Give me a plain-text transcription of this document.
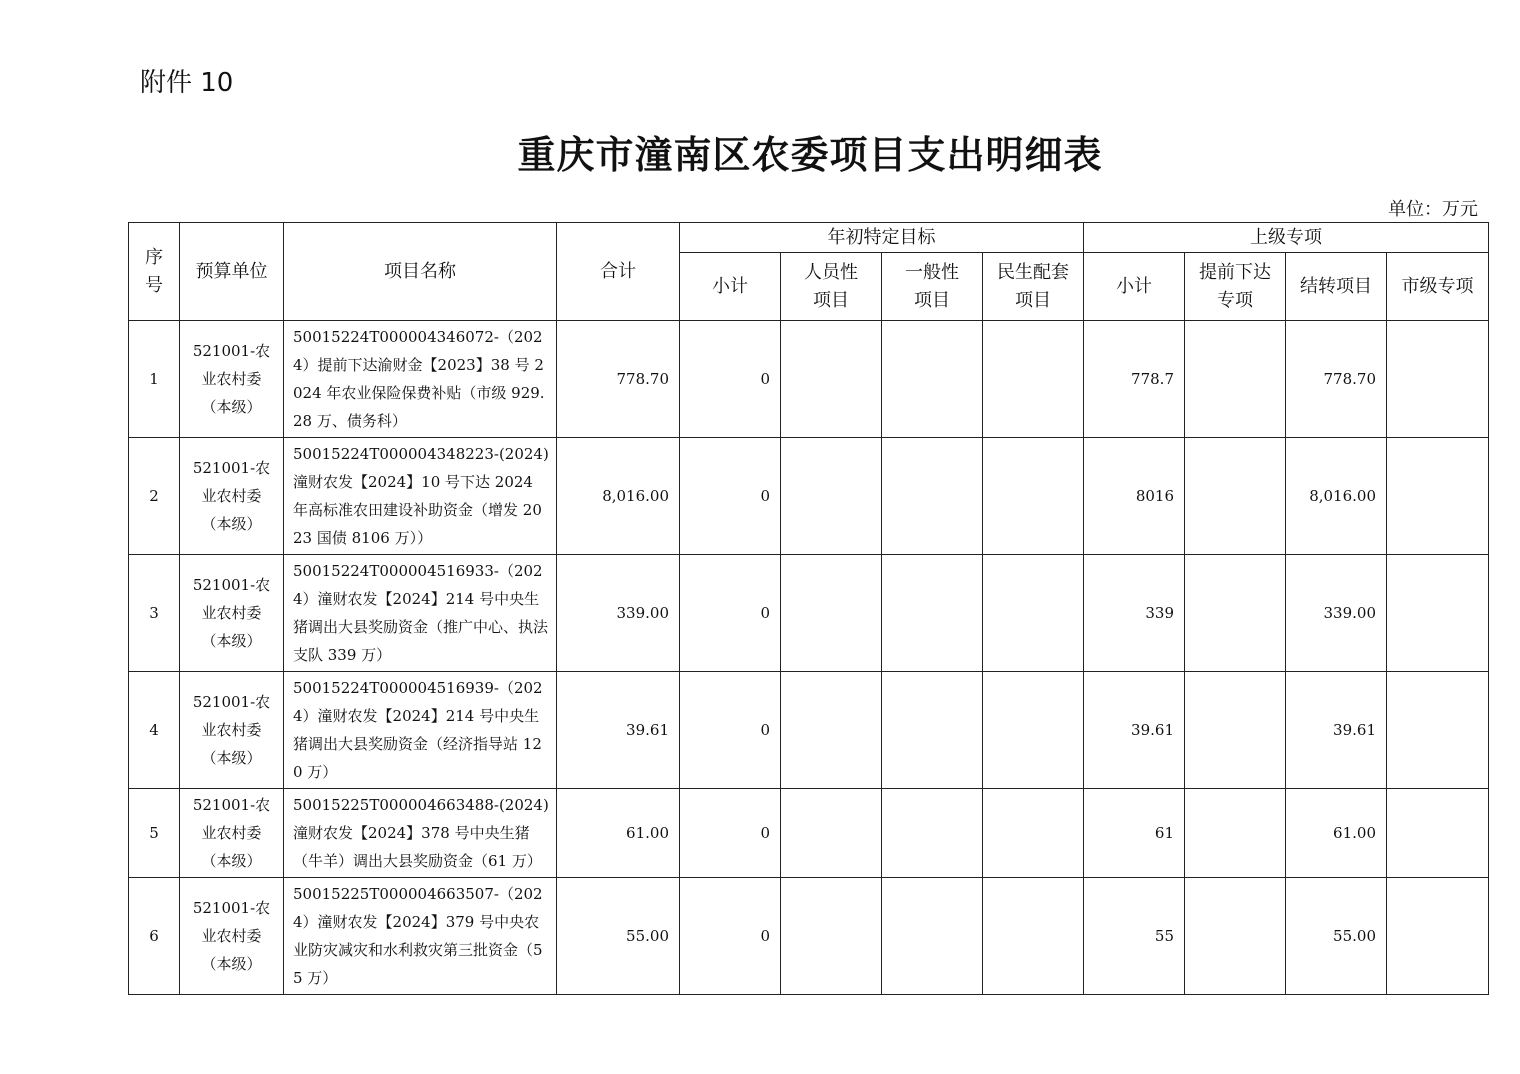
附件 10
重庆市潼南区农委项目支出明细表
单位：万元
序号	预算单位	项目名称	合计	年初特定目标				上级专项			
				小计	人员性项目	一般性项目	民生配套项目	小计	提前下达专项	结转项目	市级专项
1	521001-农业农村委（本级）	50015224T000004346072-（2024）提前下达渝财金【2023】38 号 2024 年农业保险保费补贴（市级 929.28 万、债务科）	778.70	0				778.7		778.70	
2	521001-农业农村委（本级）	50015224T000004348223-(2024)潼财农发【2024】10 号下达 2024 年高标准农田建设补助资金（增发 2023 国债 8106 万））	8,016.00	0				8016		8,016.00	
3	521001-农业农村委（本级）	50015224T000004516933-（2024）潼财农发【2024】214 号中央生猪调出大县奖励资金（推广中心、执法支队 339 万）	339.00	0				339		339.00	
4	521001-农业农村委（本级）	50015224T000004516939-（2024）潼财农发【2024】214 号中央生猪调出大县奖励资金（经济指导站 120 万）	39.61	0				39.61		39.61	
5	521001-农业农村委（本级）	50015225T000004663488-(2024)潼财农发【2024】378 号中央生猪（牛羊）调出大县奖励资金（61 万）	61.00	0				61		61.00	
6	521001-农业农村委（本级）	50015225T000004663507-（2024）潼财农发【2024】379 号中央农业防灾减灾和水利救灾第三批资金（55 万）	55.00	0				55		55.00	
